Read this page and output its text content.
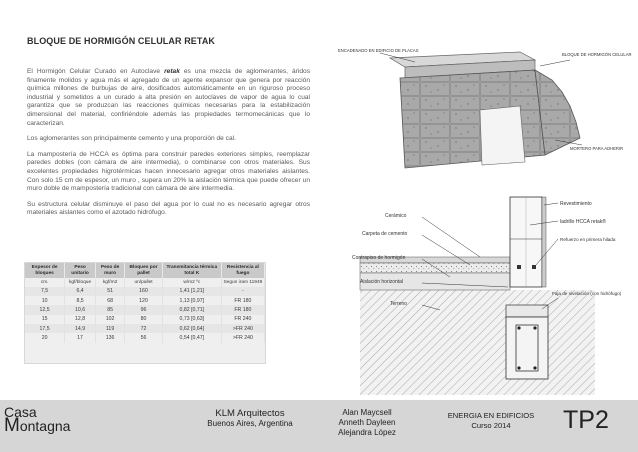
BLOQUE DE HORMIGÓN CELULAR RETAK

El Hormigón Celular Curado en Autoclave retak es una mezcla de aglomerantes, áridos finamente molidos y agua más el agregado de un agente expansor que genera por reacción química millones de burbujas de aire, dosificados automáticamente en un riguroso proceso industrial y sometidos a un curado a alta presión en autoclaves de vapor de agua lo cual garantiza que se produzcan las reacciones químicas necesarias para la estabilización dimensional del material, confiriéndole además las propiedades termomecánicas que lo caracterizan.

Los aglomerantes son principalmente cemento y una proporción de cal.

La mampostería de HCCA es óptima para construir paredes exteriores simples, reemplazar paredes dobles (con cámara de aire intermedia), o combinarse con otros materiales. Sus excelentes propiedades higrotérmicas hacen innecesario agregar otros materiales aislantes. Con solo 15 cm de espesor, un muro , supera un 20% la aislación térmica que puede ofrecer un muro doble de mampostería tradicional con cámara de aire intermedia.

Su estructura celular disminuye el paso del agua por lo cual no es necesario agregar otros materiales aislantes como el azotado hidrófugo.

Espesor de bloques	Peso unitario	Peso de muro	Bloques por pallet	Transmitancia térmica total K	Resistencia al fuego
cm.	kgf/bloque	kgf/m2	un/pallet	w/m2 ºc	Segun iram 11949
7,5	6,4	51	160	1,41 [1,21]	-
10	8,5	68	120	1,13 [0,97]	FR 180
12,5	10,6	85	96	0,82 [0,71]	FR 180
15	12,8	102	80	0,73 [0,63]	FR 240
17,5	14,9	119	72	0,62 [0,64]	>FR 240
20	17	136	56	0,54 [0,47]	>FR 240
ENCADENADO EN EDIFICIO DE PLACAS
BLOQUE DE HORMIGÓN CELULAR
MORTERO PARA ADHERIR
Cerámico
Carpeta de cemento
Contrapiso de hormigón
Aislación horizontal
Terreno
Revestimiento
ladrillo HCCA retak®
Refuerzo en primera hilada
Faja de nivelación (con hidrófugo)
Casa
Montagna
KLM Arquitectos
Buenos Aires, Argentina
Alan Maycsell
Anneth Dayleen
Alejandra López
ENERGIA EN EDIFICIOS
Curso 2014	TP2
